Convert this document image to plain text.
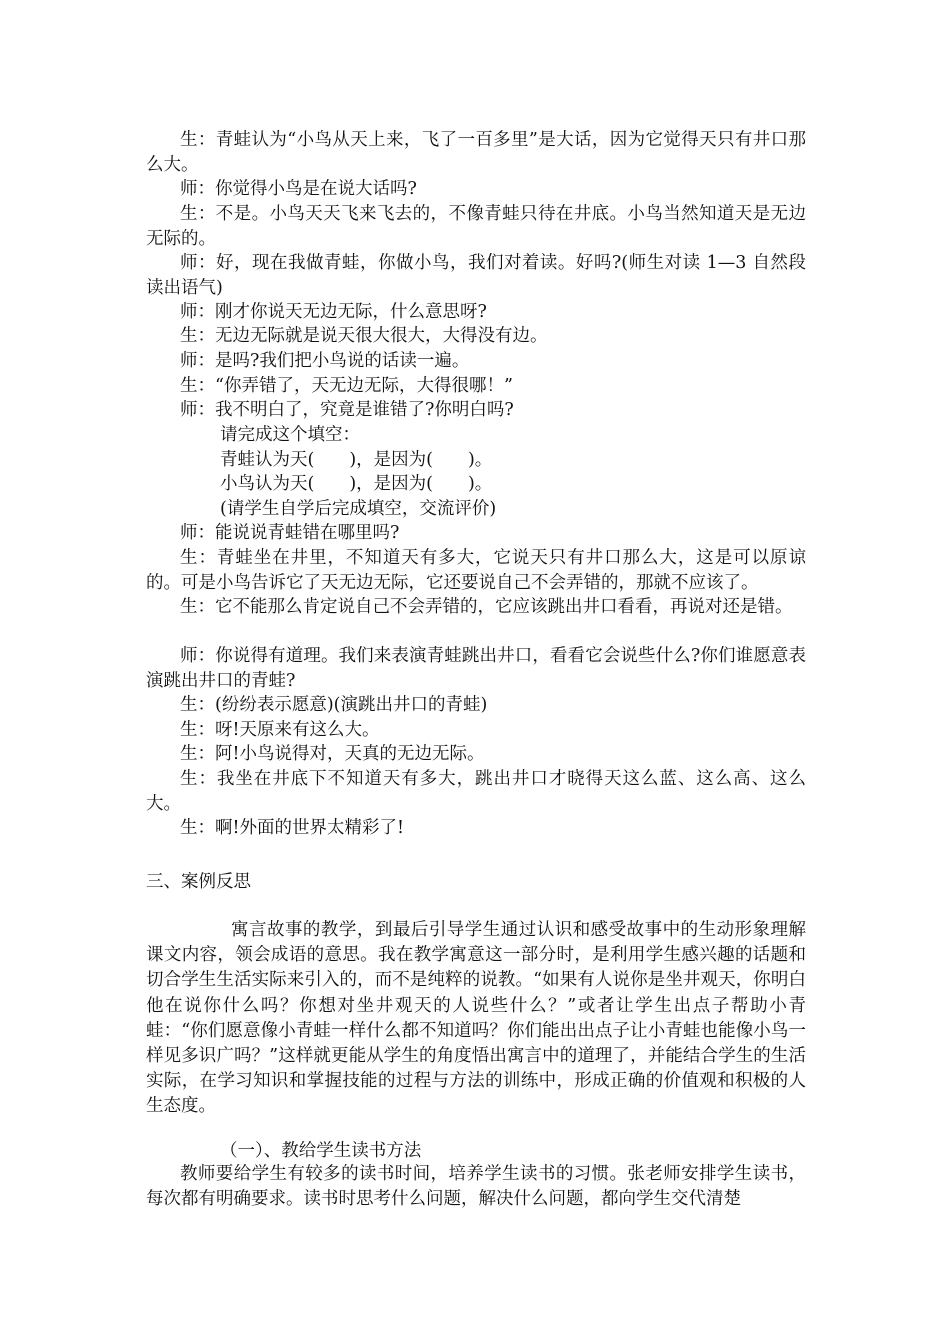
生：青蛙认为“小鸟从天上来，飞了一百多里”是大话，因为它觉得天只有井口那么大。
师：你觉得小鸟是在说大话吗?
生：不是。小鸟天天飞来飞去的，不像青蛙只待在井底。小鸟当然知道天是无边无际的。
师：好，现在我做青蛙，你做小鸟，我们对着读。好吗?(师生对读 1—3 自然段读出语气)
师：刚才你说天无边无际，什么意思呀?
生：无边无际就是说天很大很大，大得没有边。
师：是吗?我们把小鸟说的话读一遍。
生：“你弄错了，天无边无际，大得很哪！”
师：我不明白了，究竟是谁错了?你明白吗?
请完成这个填空：
青蛙认为天(　　)，是因为(　　)。
小鸟认为天(　　)，是因为(　　)。
(请学生自学后完成填空，交流评价)
师：能说说青蛙错在哪里吗?
生：青蛙坐在井里，不知道天有多大，它说天只有井口那么大，这是可以原谅的。可是小鸟告诉它了天无边无际，它还要说自己不会弄错的，那就不应该了。
生：它不能那么肯定说自己不会弄错的，它应该跳出井口看看，再说对还是错。
师：你说得有道理。我们来表演青蛙跳出井口，看看它会说些什么?你们谁愿意表演跳出井口的青蛙?
生：(纷纷表示愿意)(演跳出井口的青蛙)
生：呀!天原来有这么大。
生：阿!小鸟说得对，天真的无边无际。
生：我坐在井底下不知道天有多大，跳出井口才晓得天这么蓝、这么高、这么大。
生：啊!外面的世界太精彩了!
三、案例反思
寓言故事的教学，到最后引导学生通过认识和感受故事中的生动形象理解课文内容，领会成语的意思。我在教学寓意这一部分时，是利用学生感兴趣的话题和切合学生生活实际来引入的，而不是纯粹的说教。“如果有人说你是坐井观天，你明白他在说你什么吗？你想对坐井观天的人说些什么？”或者让学生出点子帮助小青蛙：“你们愿意像小青蛙一样什么都不知道吗？你们能出出点子让小青蛙也能像小鸟一样见多识广吗？”这样就更能从学生的角度悟出寓言中的道理了，并能结合学生的生活实际，在学习知识和掌握技能的过程与方法的训练中，形成正确的价值观和积极的人生态度。
（一）、教给学生读书方法
教师要给学生有较多的读书时间，培养学生读书的习惯。张老师安排学生读书，每次都有明确要求。读书时思考什么问题，解决什么问题，都向学生交代清楚
